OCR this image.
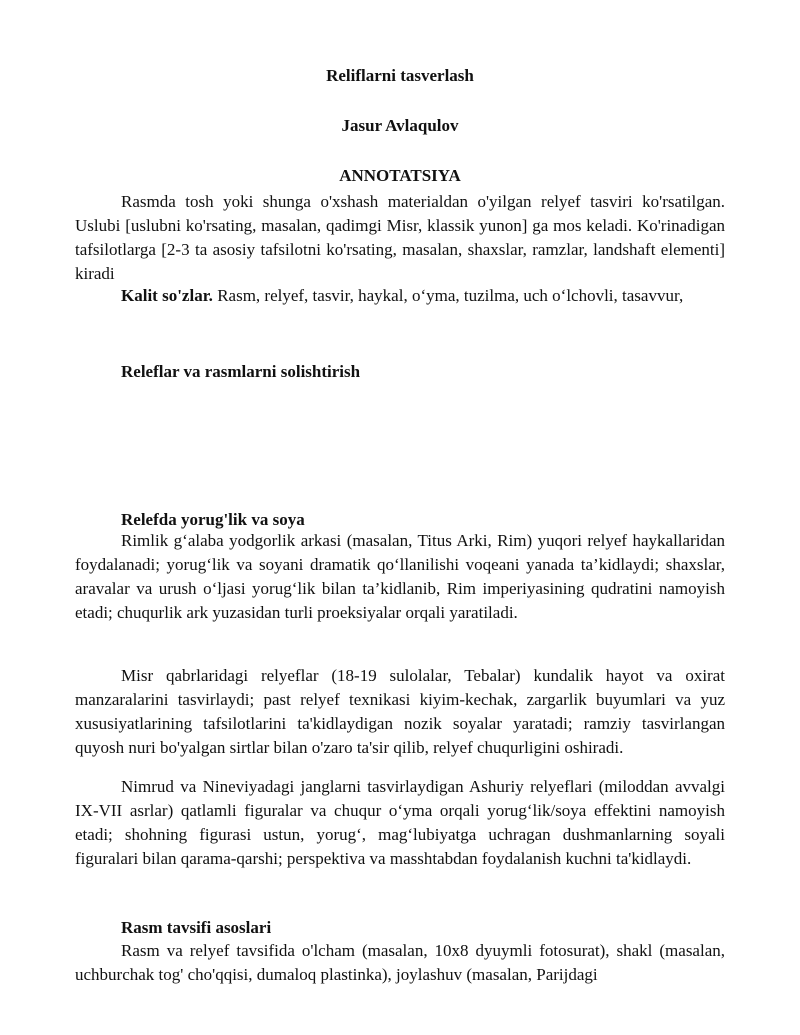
Reliflarni tasverlash
Jasur Avlaqulov
ANNOTATSIYA
Rasmda tosh yoki shunga o'xshash materialdan o'yilgan relyef tasviri ko'rsatilgan. Uslubi [uslubni ko'rsating, masalan, qadimgi Misr, klassik yunon] ga mos keladi. Ko'rinadigan tafsilotlarga [2-3 ta asosiy tafsilotni ko'rsating, masalan, shaxslar, ramzlar, landshaft elementi] kiradi
Kalit so'zlar. Rasm, relyef, tasvir, haykal, o‘yma, tuzilma, uch o‘lchovli, tasavvur,
Releflar va rasmlarni solishtirish
Relefda yorug'lik va soya
Rimlik g‘alaba yodgorlik arkasi (masalan, Titus Arki, Rim) yuqori relyef haykallaridan foydalanadi; yorug‘lik va soyani dramatik qo‘llanilishi voqeani yanada ta’kidlaydi; shaxslar, aravalar va urush o‘ljasi yorug‘lik bilan ta’kidlanib, Rim imperiyasining qudratini namoyish etadi; chuqurlik ark yuzasidan turli proeksiyalar orqali yaratiladi.
Misr qabrlaridagi relyeflar (18-19 sulolalar, Tebalar) kundalik hayot va oxirat manzaralarini tasvirlaydi; past relyef texnikasi kiyim-kechak, zargarlik buyumlari va yuz xususiyatlarining tafsilotlarini ta'kidlaydigan nozik soyalar yaratadi; ramziy tasvirlangan quyosh nuri bo'yalgan sirtlar bilan o'zaro ta'sir qilib, relyef chuqurligini oshiradi.
Nimrud va Nineviyadagi janglarni tasvirlaydigan Ashuriy relyeflari (miloddan avvalgi IX-VII asrlar) qatlamli figuralar va chuqur o‘yma orqali yorug‘lik/soya effektini namoyish etadi; shohning figurasi ustun, yorug‘, mag‘lubiyatga uchragan dushmanlarning soyali figuralari bilan qarama-qarshi; perspektiva va masshtabdan foydalanish kuchni ta'kidlaydi.
Rasm tavsifi asoslari
Rasm va relyef tavsifida o'lcham (masalan, 10x8 dyuymli fotosurat), shakl (masalan, uchburchak tog' cho'qqisi, dumaloq plastinka), joylashuv (masalan, Parijdagi
